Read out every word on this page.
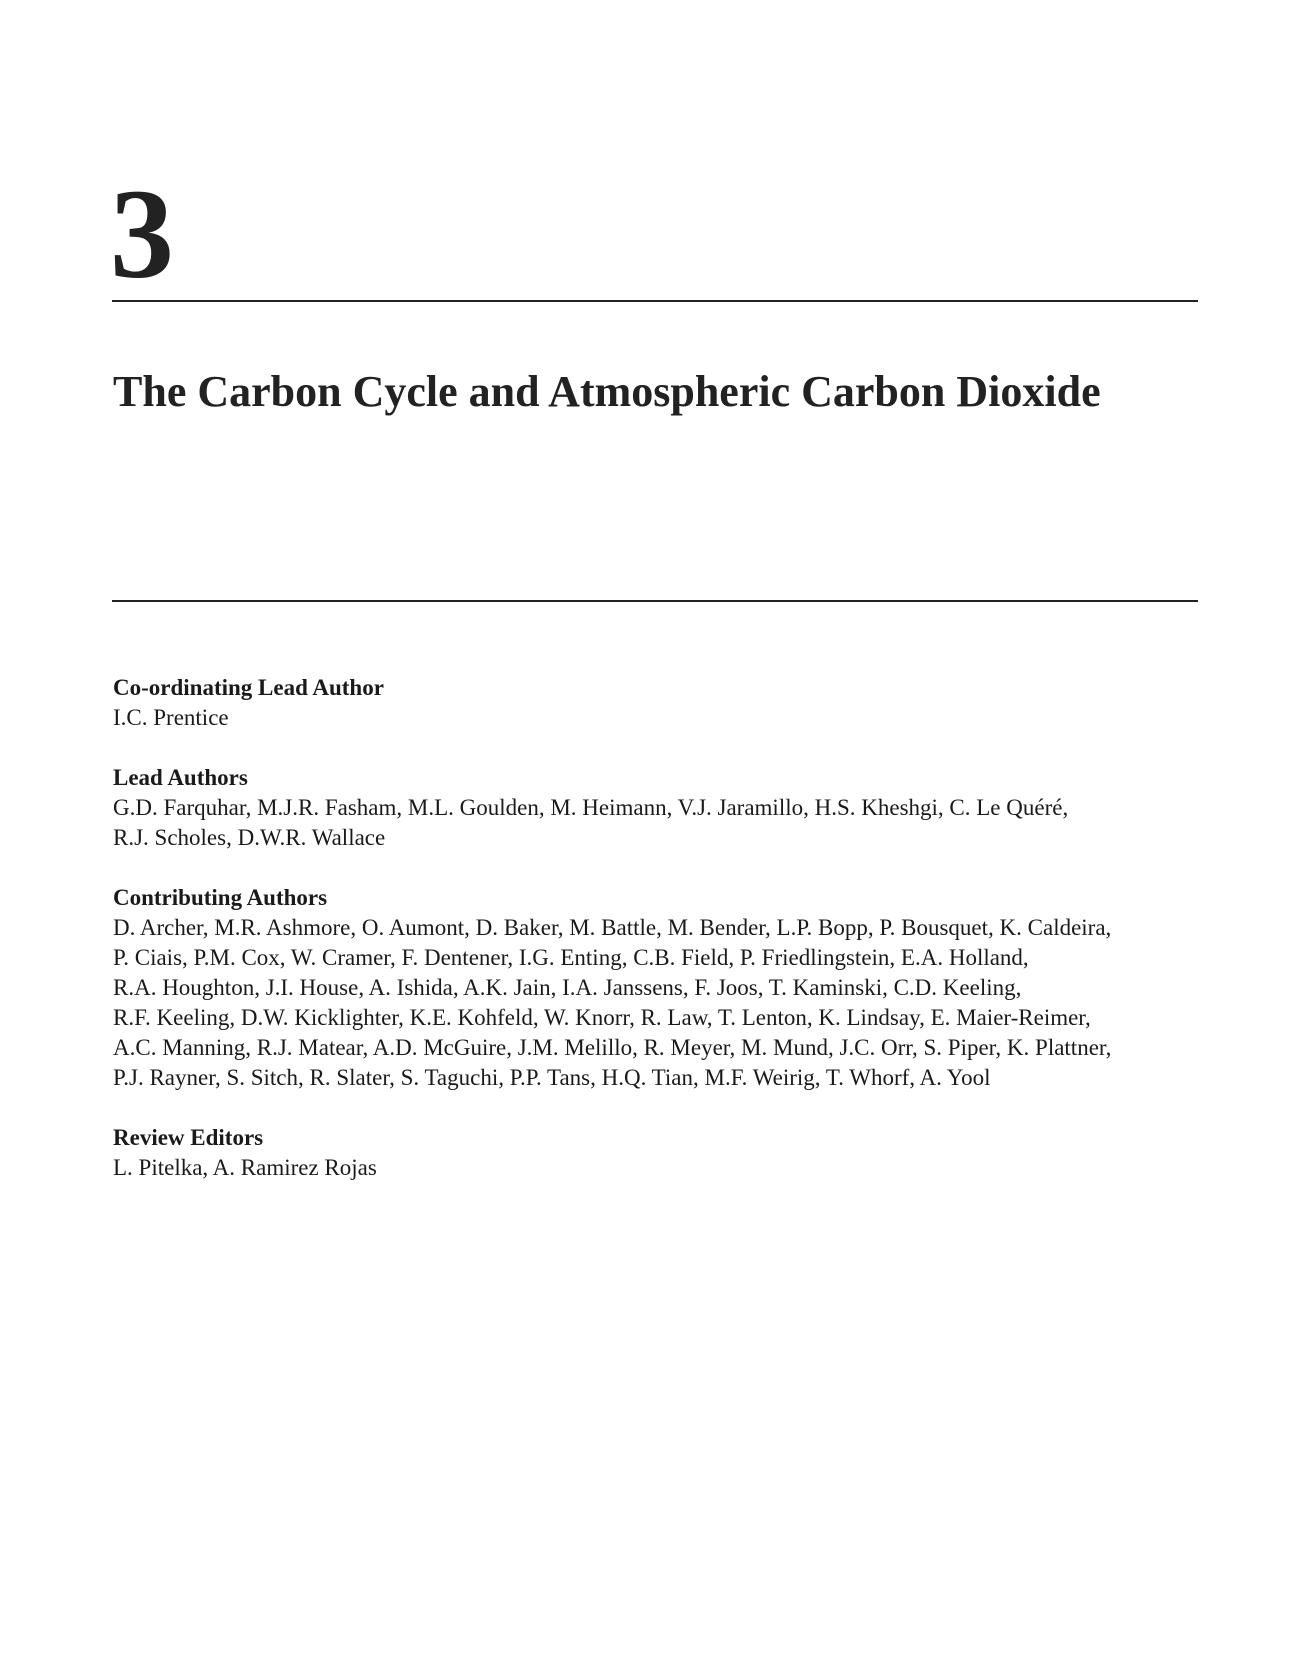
3
The Carbon Cycle and Atmospheric Carbon Dioxide

Co-ordinating Lead Author

I.C. Prentice

Lead Authors

G.D. Farquhar, M.J.R. Fasham, M.L. Goulden, M. Heimann, V.J. Jaramillo, H.S. Kheshgi, C. Le Quéré,

R.J. Scholes, D.W.R. Wallace

Contributing Authors

D. Archer, M.R. Ashmore, O. Aumont, D. Baker, M. Battle, M. Bender, L.P. Bopp, P. Bousquet, K. Caldeira,

P. Ciais, P.M. Cox, W. Cramer, F. Dentener, I.G. Enting, C.B. Field, P. Friedlingstein, E.A. Holland,

R.A. Houghton, J.I. House, A. Ishida, A.K. Jain, I.A. Janssens, F. Joos, T. Kaminski, C.D. Keeling,

R.F. Keeling, D.W. Kicklighter, K.E. Kohfeld, W. Knorr, R. Law, T. Lenton, K. Lindsay, E. Maier-Reimer,

A.C. Manning, R.J. Matear, A.D. McGuire, J.M. Melillo, R. Meyer, M. Mund, J.C. Orr, S. Piper, K. Plattner,

P.J. Rayner, S. Sitch, R. Slater, S. Taguchi, P.P. Tans, H.Q. Tian, M.F. Weirig, T. Whorf, A. Yool

Review Editors

L. Pitelka, A. Ramirez Rojas
